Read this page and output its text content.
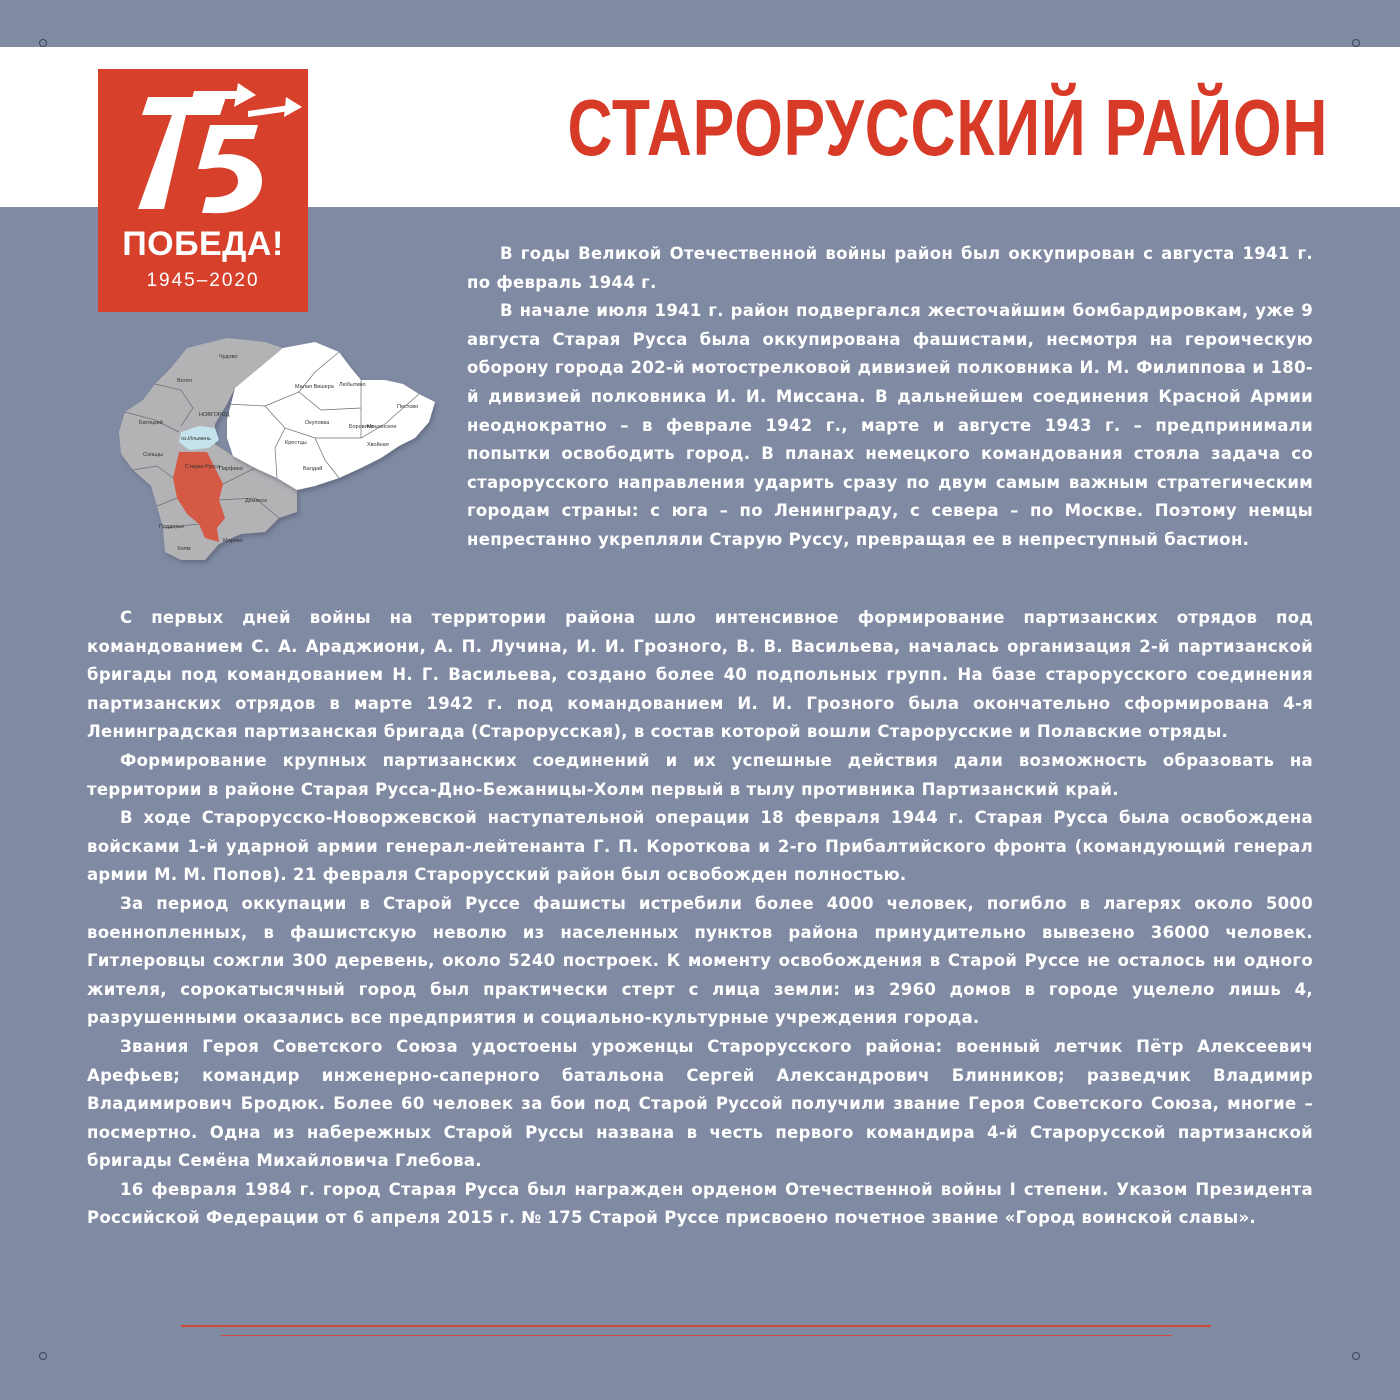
СТАРОРУССКИЙ РАЙОН
ПОБЕДА!
1945–2020
Чудово
Волот
Малая Вишера Любытино
НОВГОРОД
Батецкий	Окуловка
Боровичи
Пестово
Мошенское
оз.Ильмень
Крестцы	Хвойная
Сольцы
Старая Русса
Парфино	Валдай
Демянск
Поддорье
Марево
Холм

В годы Великой Отечественной войны район был оккупирован с августа 1941 г. по февраль 1944 г.

В начале июля 1941 г. район подвергался жесточайшим бомбардировкам, уже 9 августа Старая Русса была оккупирована фашистами, несмотря на героическую оборону города 202-й мотострелковой дивизией полковника И. М. Филиппова и 180-й дивизией полковника И. И. Миссана. В дальнейшем соединения Красной Армии неоднократно – в феврале 1942 г., марте и августе 1943 г. – предпринимали попытки освободить город. В планах немецкого командования стояла задача со старорусского направления ударить сразу по двум самым важным стратегическим городам страны: с юга – по Ленинграду, с севера – по Москве. Поэтому немцы непрестанно укрепляли Старую Руссу, превращая ее в непреступный бастион.

С первых дней войны на территории района шло интенсивное формирование партизанских отрядов под командованием С. А. Араджиони, А. П. Лучина, И. И. Грозного, В. В. Васильева, началась организация 2-й партизанской бригады под командованием Н. Г. Васильева, создано более 40 подпольных групп. На базе старорусского соединения партизанских отрядов в марте 1942 г. под командованием И. И. Грозного была окончательно сформирована 4-я Ленинградская партизанская бригада (Старорусская), в состав которой вошли Старорусские и Полавские отряды.

Формирование крупных партизанских соединений и их успешные действия дали возможность образовать на территории в районе Старая Русса-Дно-Бежаницы-Холм первый в тылу противника Партизанский край.

В ходе Старорусско-Новоржевской наступательной операции 18 февраля 1944 г. Старая Русса была освобождена войсками 1-й ударной армии генерал-лейтенанта Г. П. Короткова и 2-го Прибалтийского фронта (командующий генерал армии М. М. Попов). 21 февраля Старорусский район был освобожден полностью.

За период оккупации в Старой Руссе фашисты истребили более 4000 человек, погибло в лагерях около 5000 военнопленных, в фашистскую неволю из населенных пунктов района принудительно вывезено 36000 человек. Гитлеровцы сожгли 300 деревень, около 5240 построек. К моменту освобождения в Старой Руссе не осталось ни одного жителя, сорокатысячный город был практически стерт с лица земли: из 2960 домов в городе уцелело лишь 4, разрушенными оказались все предприятия и социально-культурные учреждения города.

Звания Героя Советского Союза удостоены уроженцы Старорусского района: военный летчик Пётр Алексеевич Арефьев; командир инженерно-саперного батальона Сергей Александрович Блинников; разведчик Владимир Владимирович Бродюк. Более 60 человек за бои под Старой Руссой получили звание Героя Советского Союза, многие – посмертно. Одна из набережных Старой Руссы названа в честь первого командира 4-й Старорусской партизанской бригады Семёна Михайловича Глебова.

16 февраля 1984 г. город Старая Русса был награжден орденом Отечественной войны I степени. Указом Президента Российской Федерации от 6 апреля 2015 г. № 175 Старой Руссе присвоено почетное звание «Город воинской славы».
